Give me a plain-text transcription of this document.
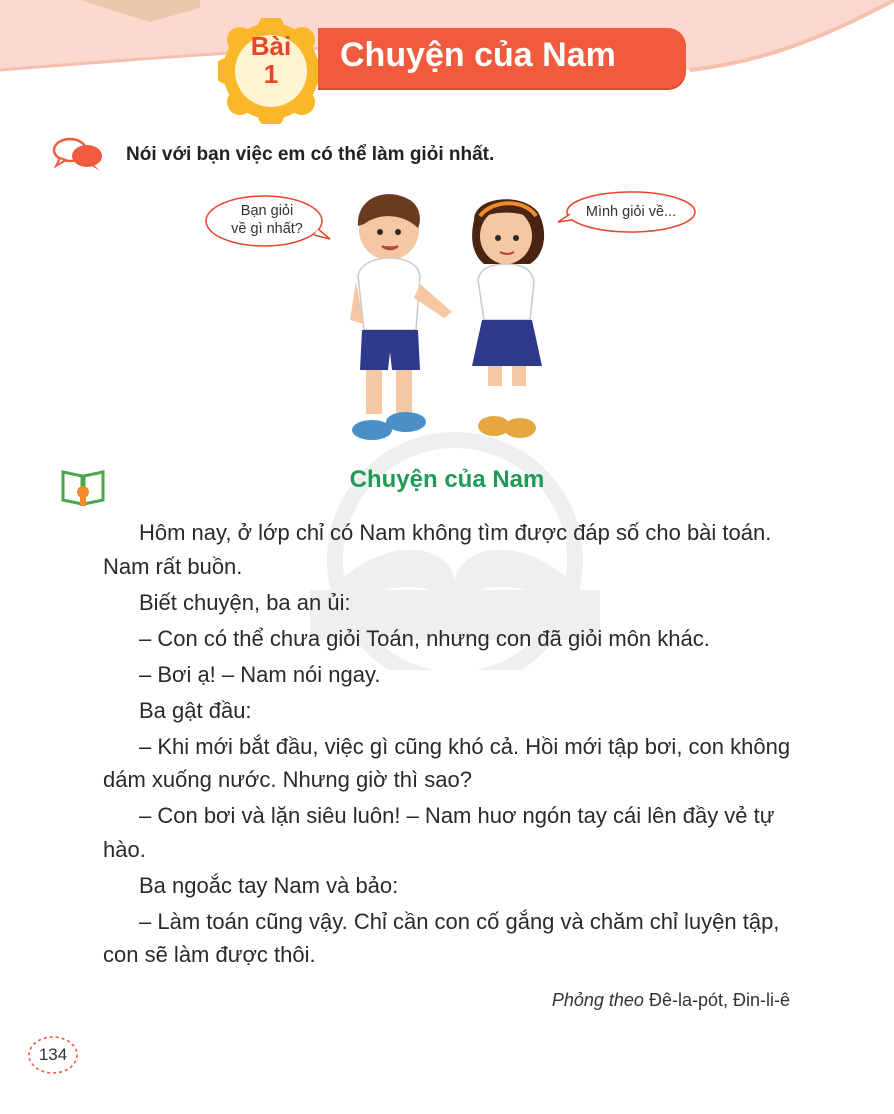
Bài
1	Chuyện của Nam
Nói với bạn việc em có thể làm giỏi nhất.
Bạn giỏi
về gì nhất?
Mình giỏi về...
Chuyện của Nam

Hôm nay, ở lớp chỉ có Nam không tìm được đáp số cho bài toán. Nam rất buồn.

Biết chuyện, ba an ủi:

– Con có thể chưa giỏi Toán, nhưng con đã giỏi môn khác.

– Bơi ạ! – Nam nói ngay.

Ba gật đầu:

– Khi mới bắt đầu, việc gì cũng khó cả. Hồi mới tập bơi, con không dám xuống nước. Nhưng giờ thì sao?

– Con bơi và lặn siêu luôn! – Nam huơ ngón tay cái lên đầy vẻ tự hào.

Ba ngoắc tay Nam và bảo:

– Làm toán cũng vậy. Chỉ cần con cố gắng và chăm chỉ luyện tập, con sẽ làm được thôi.

Phỏng theo Đê-la-pót, Đin-li-ê
134
